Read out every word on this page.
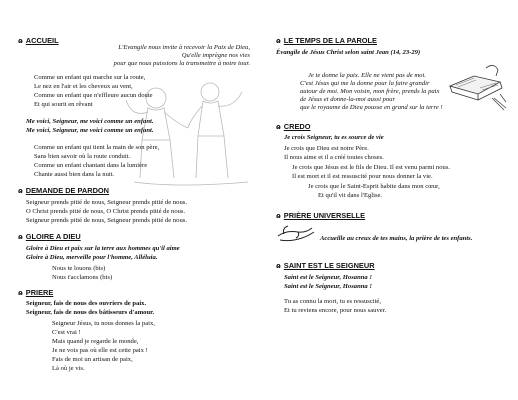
ɷ ACCUEIL
L'Evangile nous invite à recevoir la Paix de Dieu,
Qu'elle imprègne nos vies
pour que nous puissions la transmettre à notre tour.
Comme un enfant qui marche sur la route,
Le nez en l'air et les cheveux au vent,
Comme un enfant que n'effleure aucun doute
Et qui sourit en rêvant
Me voici, Seigneur, me voici comme un enfant.
Me voici, Seigneur, me voici comme un enfant.
Comme un enfant qui tient la main de son père,
Sans bien savoir où la route conduit.
Comme un enfant chantant dans la lumière
Chante aussi bien dans la nuit.
ɷ DEMANDE DE PARDON
Seigneur prends pitié de nous, Seigneur prends pitié de nous.
O Christ prends pitié de nous, O Christ prends pitié de nous.
Seigneur prends pitié de nous, Seigneur prends pitié de nous.
ɷ GLOIRE A DIEU
Gloire à Dieu et paix sur la terre aux hommes qu'il aime
Gloire à Dieu, merveille pour l'homme, Alléluia.
Nous te louons (bis)
Nous t'acclamons (bis)
ɷ PRIERE
Seigneur, fais de nous des ouvriers de paix.
Seigneur, fais de nous des bâtisseurs d'amour.
Seigneur Jésus, tu nous donnes la paix,
C'est vrai !
Mais quand je regarde le monde,
Je ne vois pas où elle est cette paix !
Fais de moi un artisan de paix,
Là où je vis.
ɷ LE TEMPS DE LA PAROLE
Évangile de Jésus Christ selon saint Jean (14, 23-29)
Je te donne la paix. Elle ne vient pas de moi.
C'est Jésus qui me la donne pour la faire grandir
autour de moi. Mon voisin, mon frère, prends la paix
de Jésus et donne-la-moi aussi pour
que le royaume de Dieu pousse en grand sur la terre !
ɷ CREDO
Je crois Seigneur, tu es source de vie
Je crois que Dieu est notre Père.
Il nous aime et il a créé toutes choses.
Je crois que Jésus est le fils de Dieu. Il est venu parmi nous.
Il est mort et il est ressuscité pour nous donner la vie.
Je crois que le Saint-Esprit habite dans mon cœur,
Et qu'il vit dans l'Eglise.
ɷ PRIÈRE UNIVERSELLE
Accueille au creux de tes mains, la prière de tes enfants.
ɷ SAINT EST LE SEIGNEUR
Saint est le Seigneur, Hosanna !
Saint est le Seigneur, Hosanna !
Tu as connu la mort, tu es ressuscité,
Et tu reviens encore, pour nous sauver.
